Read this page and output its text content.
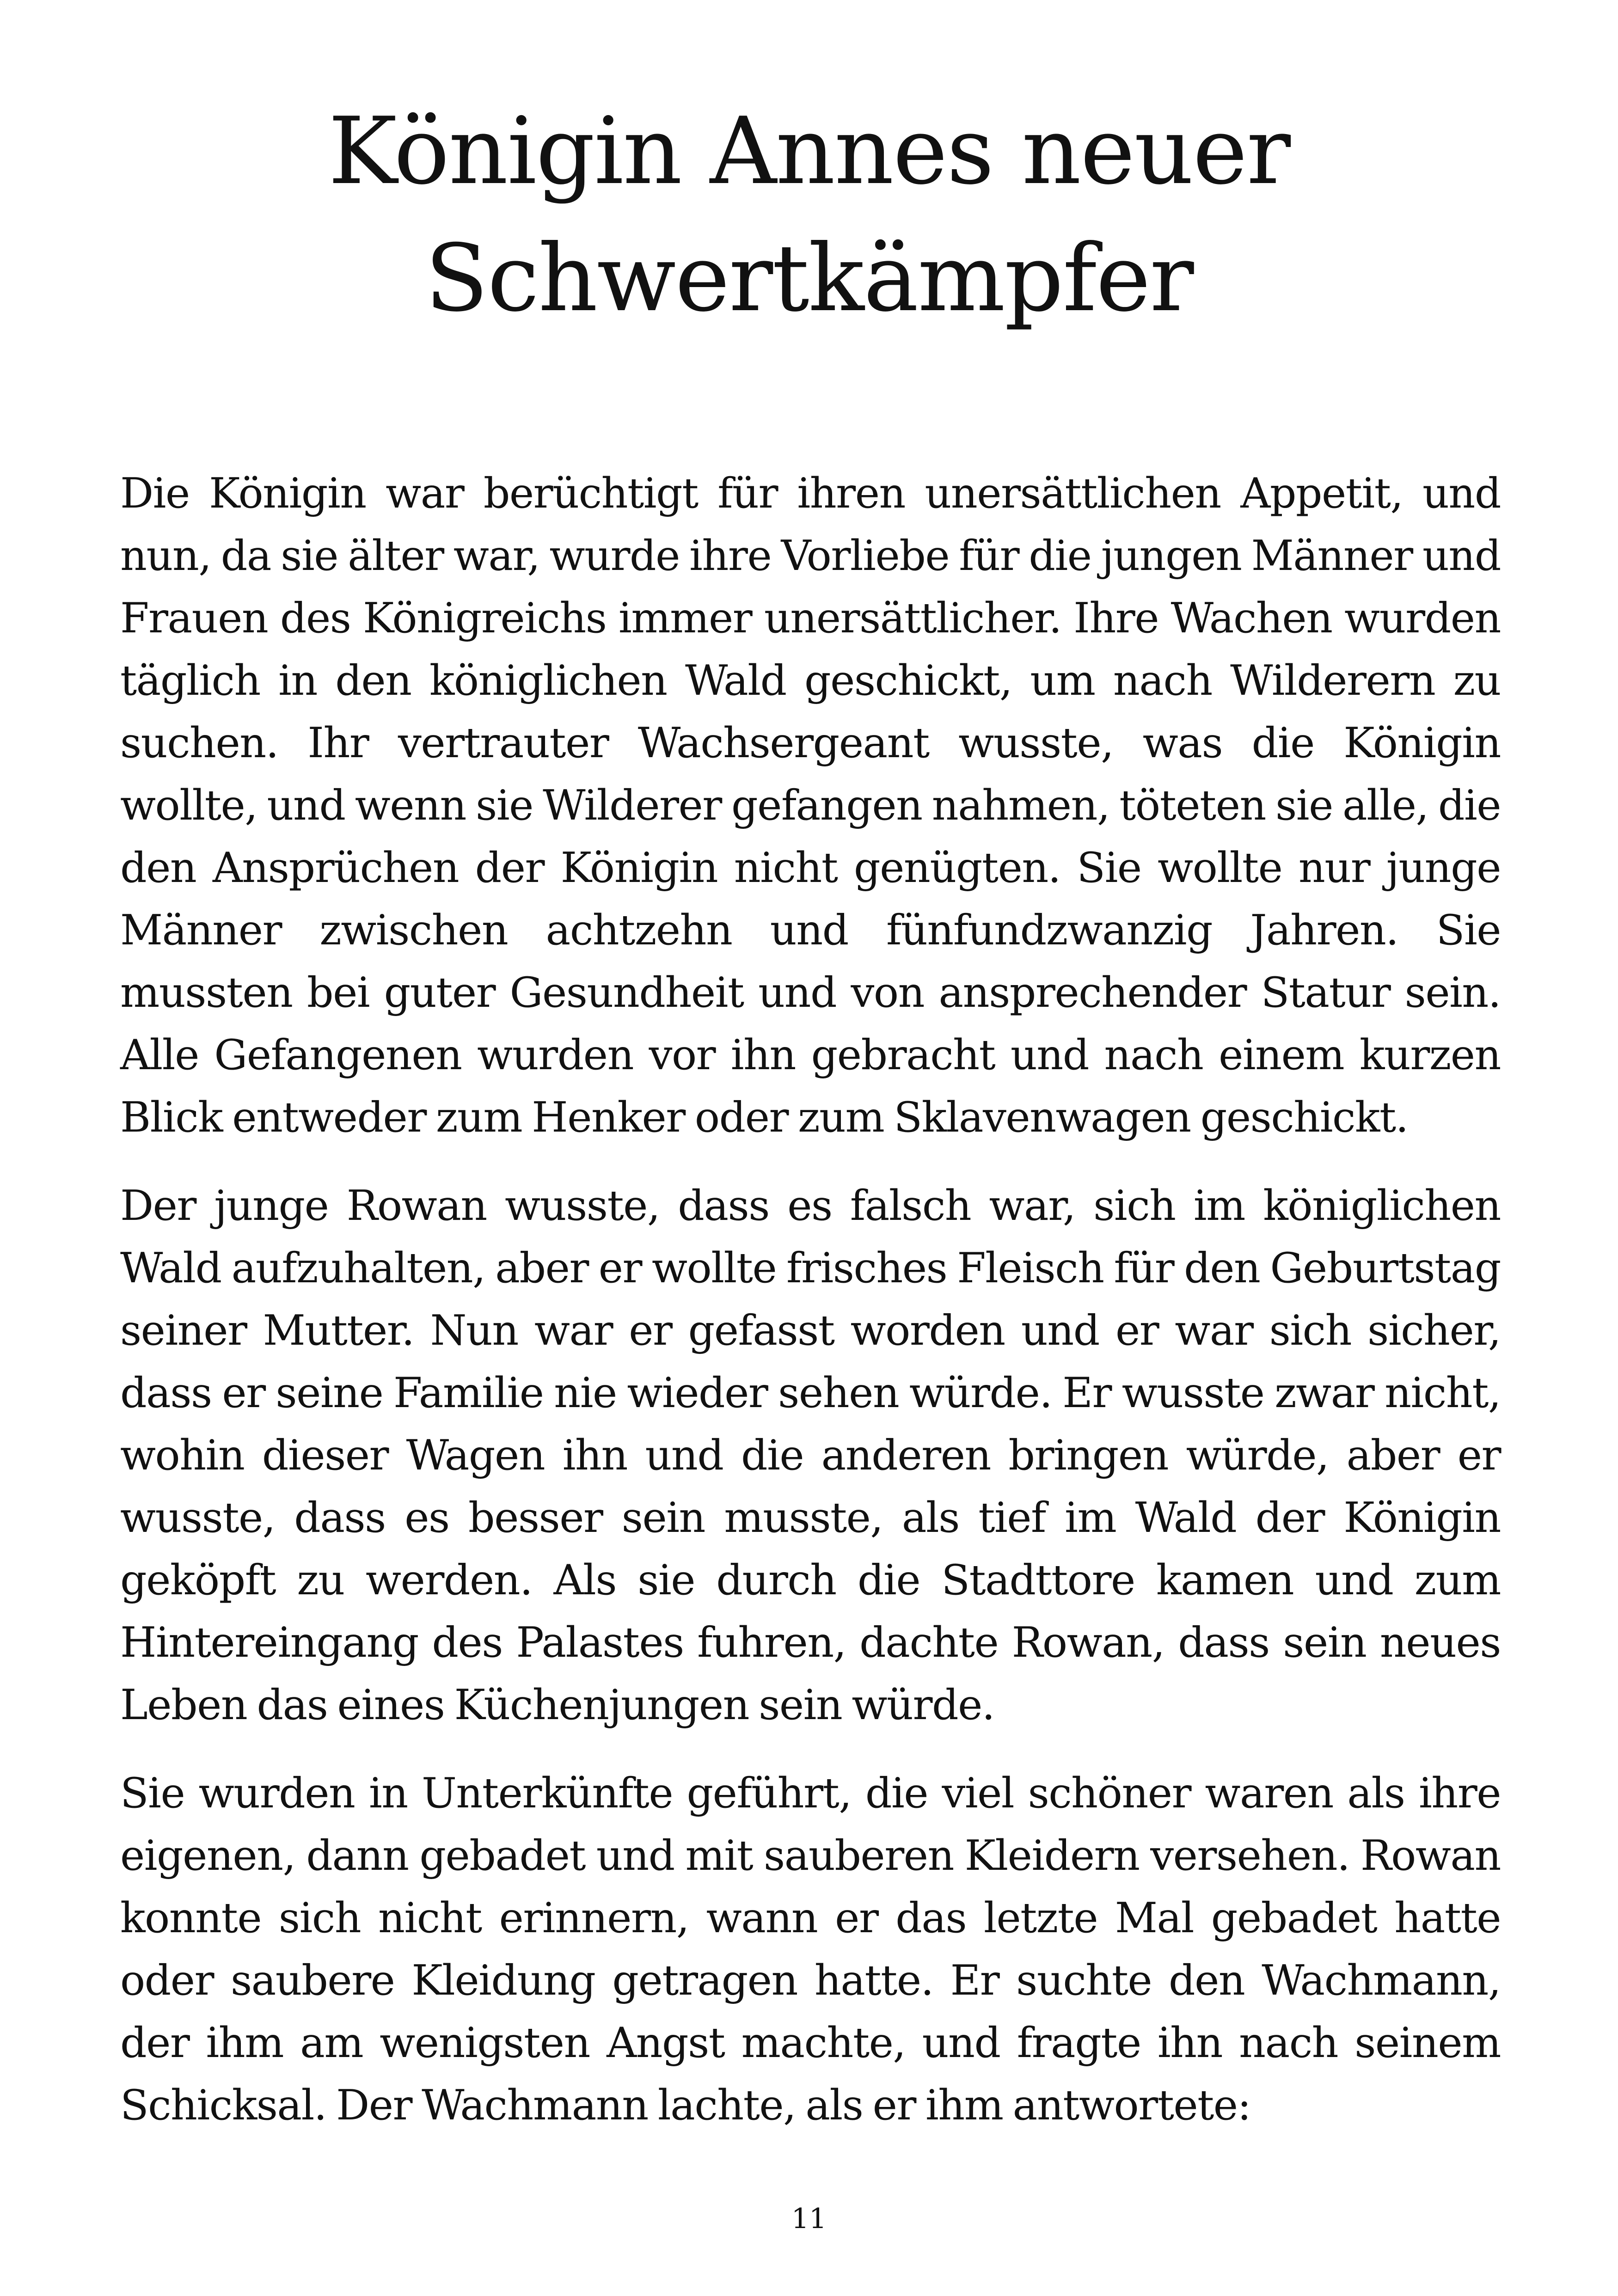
Königin Annes neuer Schwertkämpfer

Die Königin war berüchtigt für ihren unersättlichen Appetit, und nun, da sie älter war, wurde ihre Vorliebe für die jungen Männer und Frauen des Königreichs immer unersättlicher. Ihre Wachen wurden täglich in den königlichen Wald geschickt, um nach Wilderern zu suchen. Ihr vertrauter Wachsergeant wusste, was die Königin wollte, und wenn sie Wilderer gefangen nahmen, töteten sie alle, die den Ansprüchen der Königin nicht genügten. Sie wollte nur junge Männer zwischen achtzehn und fünfundzwanzig Jahren. Sie mussten bei guter Gesundheit und von ansprechender Statur sein. Alle Gefangenen wurden vor ihn gebracht und nach einem kurzen Blick entweder zum Henker oder zum Sklavenwagen geschickt.

Der junge Rowan wusste, dass es falsch war, sich im königlichen Wald aufzuhalten, aber er wollte frisches Fleisch für den Geburtstag seiner Mutter. Nun war er gefasst worden und er war sich sicher, dass er seine Familie nie wieder sehen würde. Er wusste zwar nicht, wohin dieser Wagen ihn und die anderen bringen würde, aber er wusste, dass es besser sein musste, als tief im Wald der Königin geköpft zu werden. Als sie durch die Stadttore kamen und zum Hintereingang des Palastes fuhren, dachte Rowan, dass sein neues Leben das eines Küchenjungen sein würde.

Sie wurden in Unterkünfte geführt, die viel schöner waren als ihre eigenen, dann gebadet und mit sauberen Kleidern versehen. Rowan konnte sich nicht erinnern, wann er das letzte Mal gebadet hatte oder saubere Kleidung getragen hatte. Er suchte den Wachmann, der ihm am wenigsten Angst machte, und fragte ihn nach seinem Schicksal. Der Wachmann lachte, als er ihm antwortete:

11
